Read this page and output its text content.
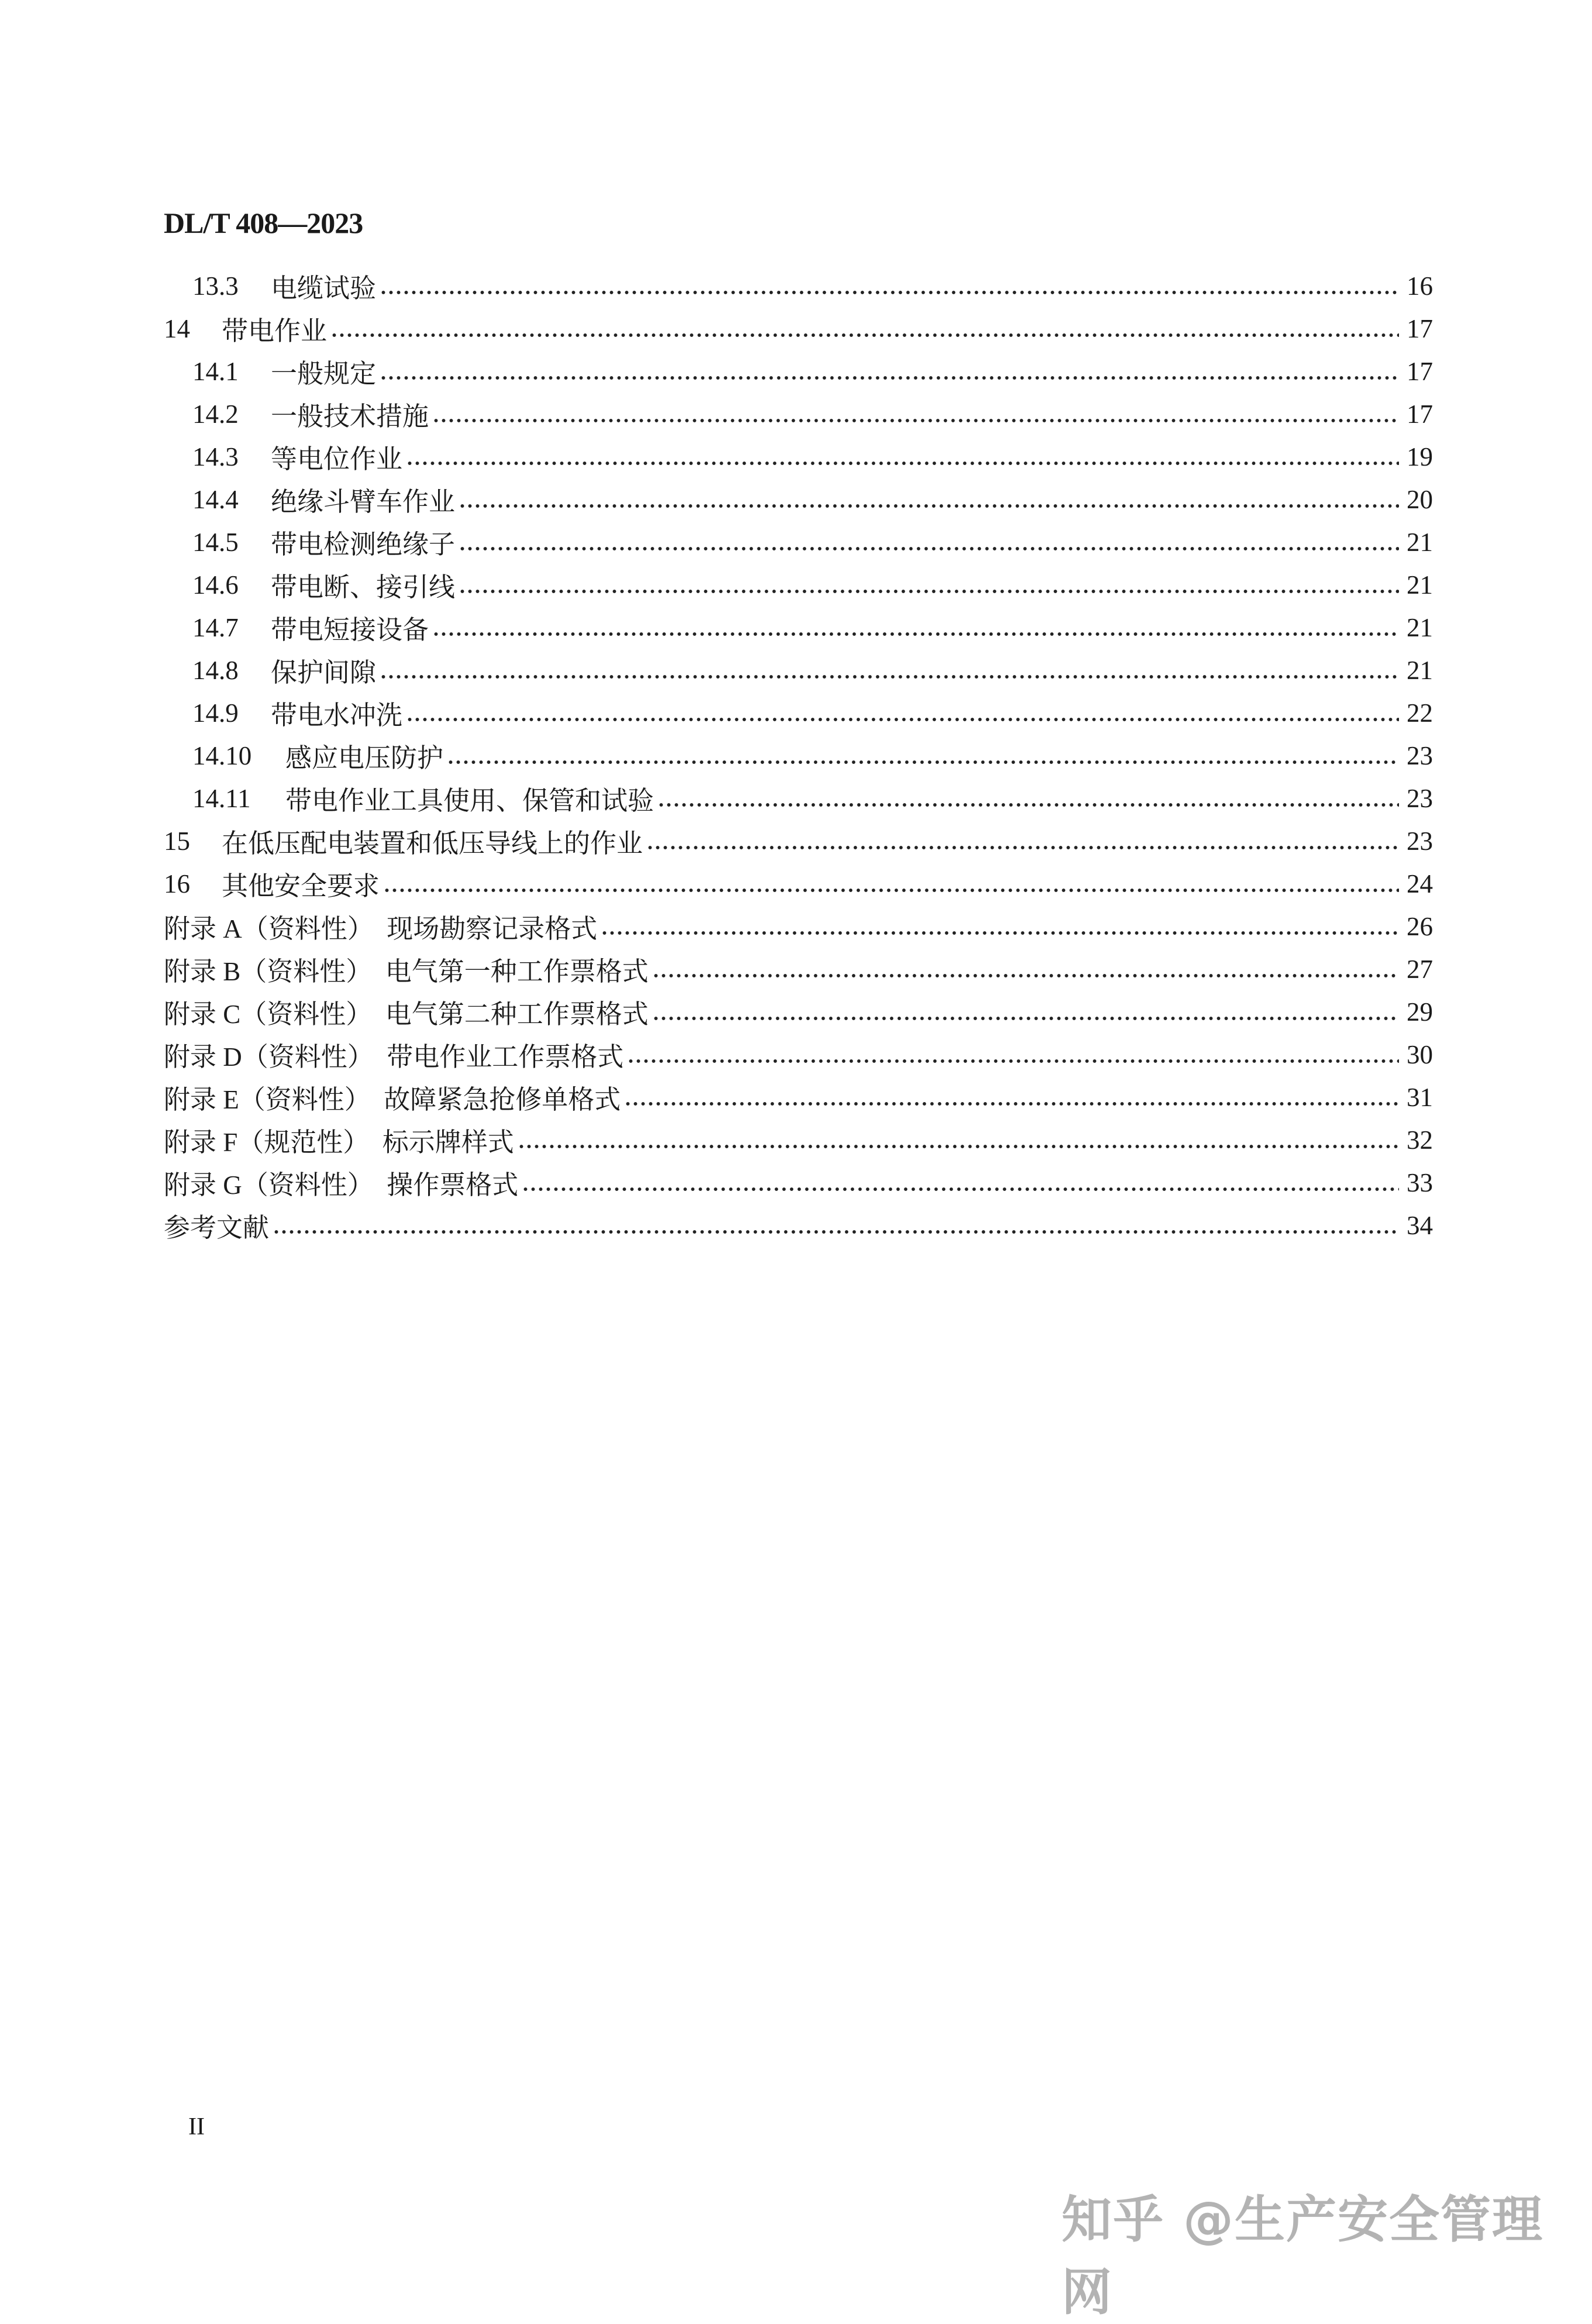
DL/T 408—2023
13.3	电缆试验	16
14	带电作业	17
14.1	一般规定	17
14.2	一般技术措施	17
14.3	等电位作业	19
14.4	绝缘斗臂车作业	20
14.5	带电检测绝缘子	21
14.6	带电断、接引线	21
14.7	带电短接设备	21
14.8	保护间隙	21
14.9	带电水冲洗	22
14.10	感应电压防护	23
14.11	带电作业工具使用、保管和试验	23
15	在低压配电装置和低压导线上的作业	23
16	其他安全要求	24
附录 A（资料性）  现场勘察记录格式	26
附录 B（资料性）  电气第一种工作票格式	27
附录 C（资料性）  电气第二种工作票格式	29
附录 D（资料性）  带电作业工作票格式	30
附录 E（资料性）  故障紧急抢修单格式	31
附录 F（规范性）  标示牌样式	32
附录 G（资料性）  操作票格式	33
参考文献	34
II
知乎 @生产安全管理网
